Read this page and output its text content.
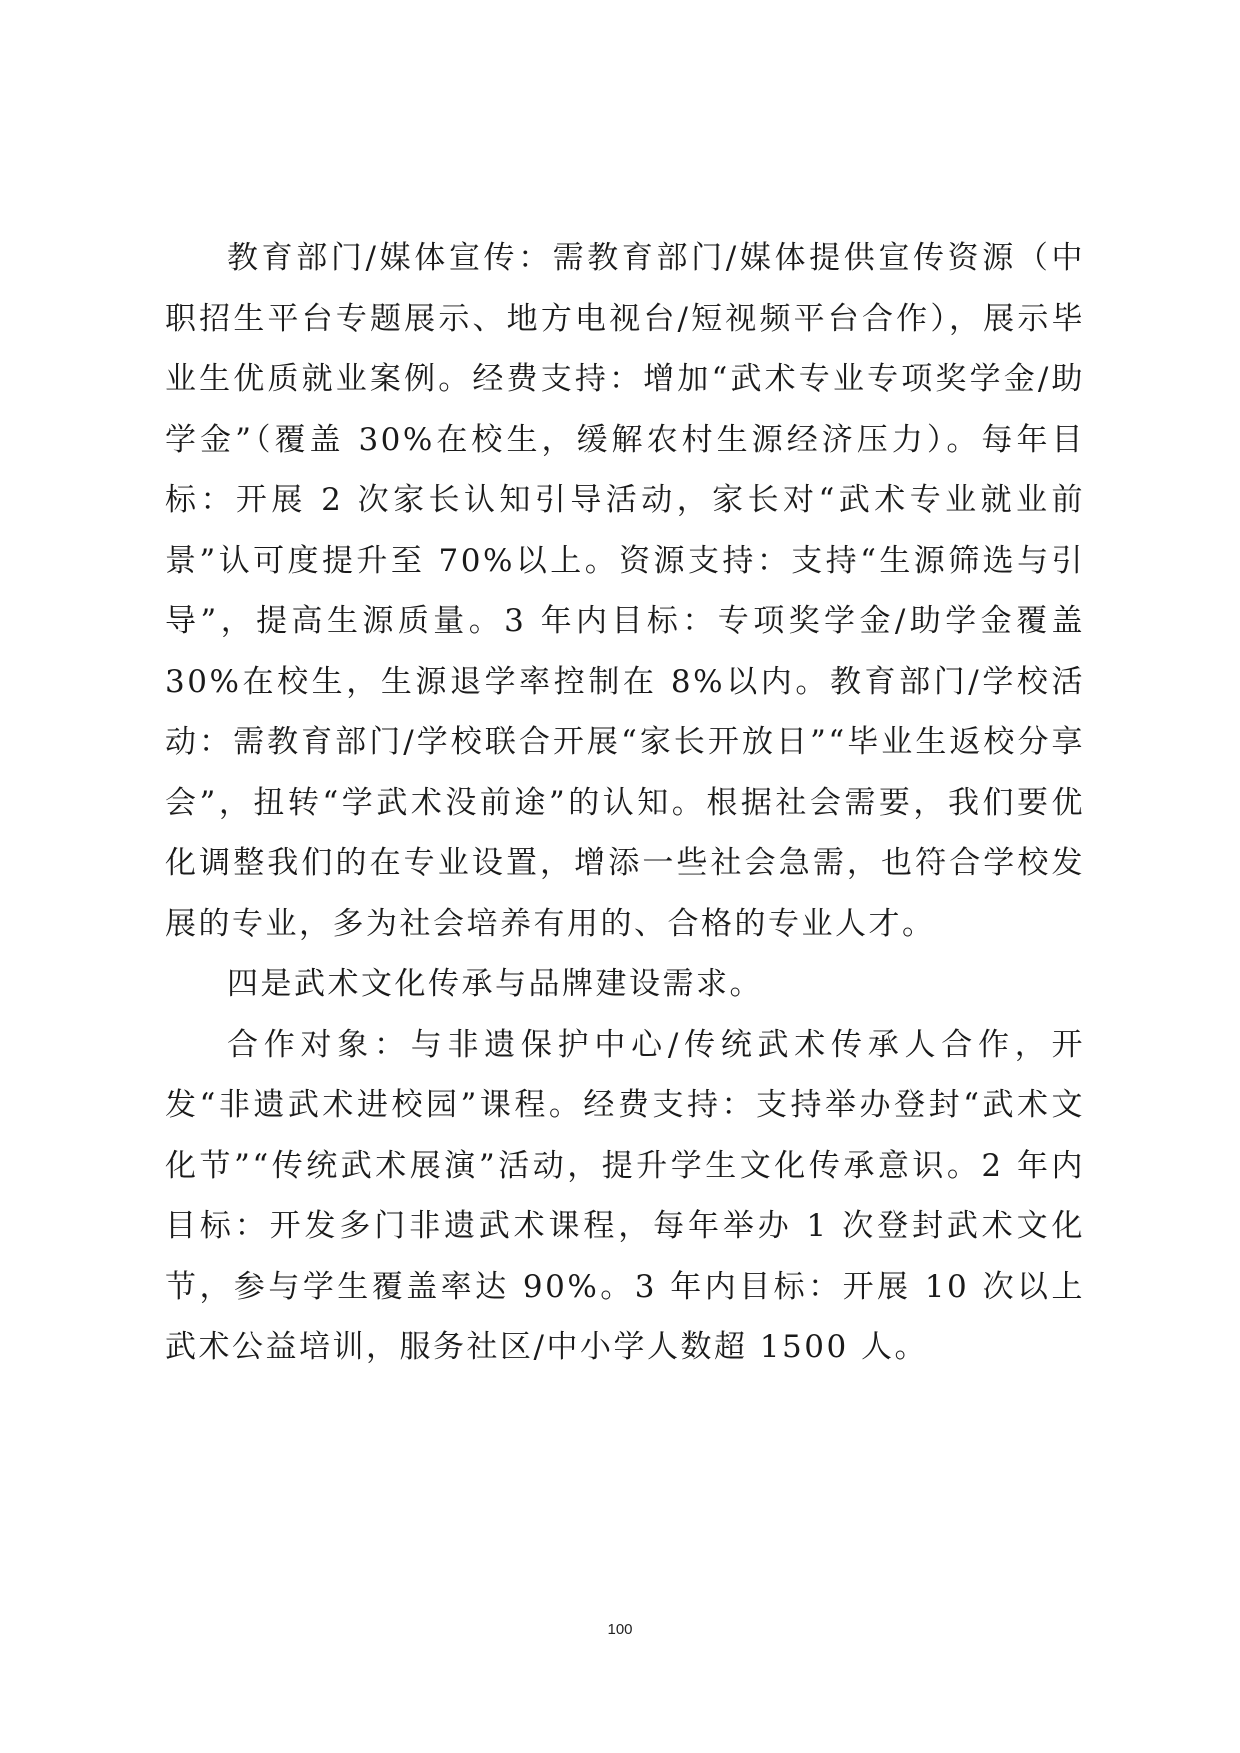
教育部门/媒体宣传：需教育部门/媒体提供宣传资源（中职招生平台专题展示、地方电视台/短视频平台合作），展示毕业生优质就业案例。经费支持：增加“武术专业专项奖学金/助学金”（覆盖 30%在校生，缓解农村生源经济压力）。每年目标：开展 2 次家长认知引导活动，家长对“武术专业就业前景”认可度提升至 70%以上。资源支持：支持“生源筛选与引导”，提高生源质量。3 年内目标：专项奖学金/助学金覆盖 30%在校生，生源退学率控制在 8%以内。教育部门/学校活动：需教育部门/学校联合开展“家长开放日”“毕业生返校分享会”，扭转“学武术没前途”的认知。根据社会需要，我们要优化调整我们的在专业设置，增添一些社会急需，也符合学校发展的专业，多为社会培养有用的、合格的专业人才。

四是武术文化传承与品牌建设需求。

合作对象：与非遗保护中心/传统武术传承人合作，开发“非遗武术进校园”课程。经费支持：支持举办登封“武术文化节”“传统武术展演”活动，提升学生文化传承意识。2 年内目标：开发多门非遗武术课程，每年举办 1 次登封武术文化节，参与学生覆盖率达 90%。3 年内目标：开展 10 次以上武术公益培训，服务社区/中小学人数超 1500 人。

100
